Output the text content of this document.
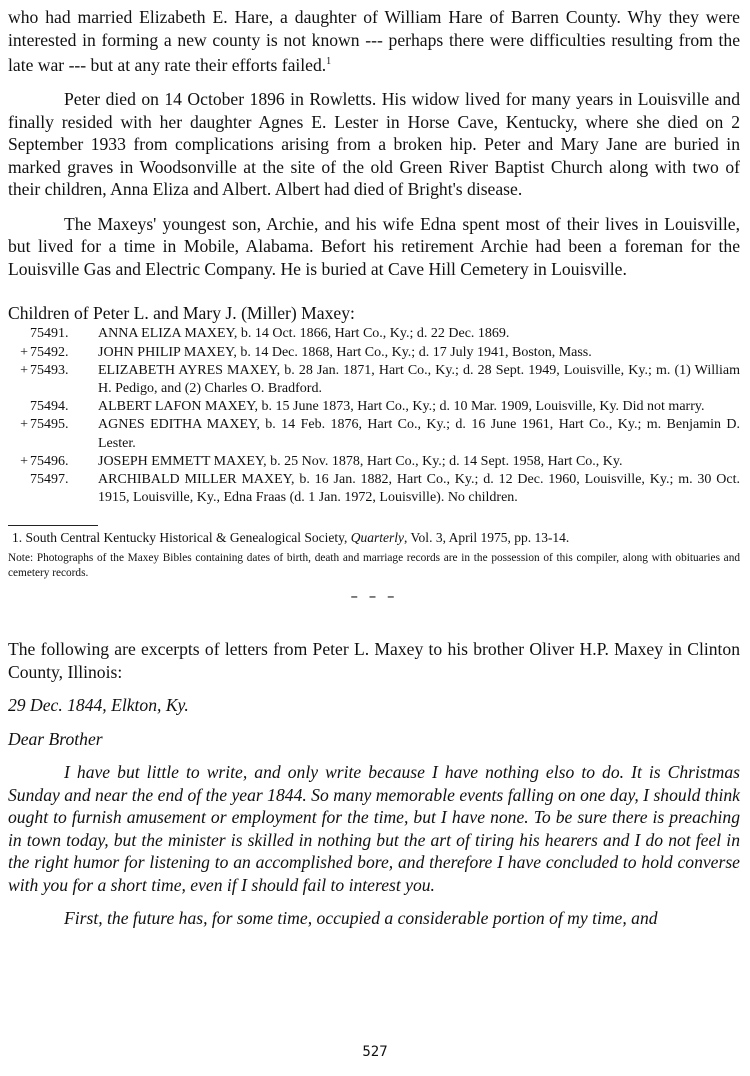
who had married Elizabeth E. Hare, a daughter of William Hare of Barren County. Why they were interested in forming a new county is not known --- perhaps there were difficulties resulting from the late war --- but at any rate their efforts failed.$^1$

Peter died on 14 October 1896 in Rowletts. His widow lived for many years in Louisville and finally resided with her daughter Agnes E. Lester in Horse Cave, Kentucky, where she died on 2 September 1933 from complications arising from a broken hip. Peter and Mary Jane are buried in marked graves in Woodsonville at the site of the old Green River Baptist Church along with two of their children, Anna Eliza and Albert. Albert had died of Bright's disease.

The Maxeys' youngest son, Archie, and his wife Edna spent most of their lives in Louisville, but lived for a time in Mobile, Alabama. Befort his retirement Archie had been a foreman for the Louisville Gas and Electric Company. He is buried at Cave Hill Cemetery in Louisville.

Children of Peter L. and Mary J. (Miller) Maxey:

75491.	ANNA ELIZA MAXEY, b. 14 Oct. 1866, Hart Co., Ky.; d. 22 Dec. 1869.
+ 75492.	JOHN PHILIP MAXEY, b. 14 Dec. 1868, Hart Co., Ky.; d. 17 July 1941, Boston, Mass.
+ 75493.	ELIZABETH AYRES MAXEY, b. 28 Jan. 1871, Hart Co., Ky.; d. 28 Sept. 1949, Louisville, Ky.; m. (1) William H. Pedigo, and (2) Charles O. Bradford.
75494.	ALBERT LAFON MAXEY, b. 15 June 1873, Hart Co., Ky.; d. 10 Mar. 1909, Louisville, Ky. Did not marry.
+ 75495.	AGNES EDITHA MAXEY, b. 14 Feb. 1876, Hart Co., Ky.; d. 16 June 1961, Hart Co., Ky.; m. Benjamin D. Lester.
+ 75496.	JOSEPH EMMETT MAXEY, b. 25 Nov. 1878, Hart Co., Ky.; d. 14 Sept. 1958, Hart Co., Ky.
75497.	ARCHIBALD MILLER MAXEY, b. 16 Jan. 1882, Hart Co., Ky.; d. 12 Dec. 1960, Louisville, Ky.; m. 30 Oct. 1915, Louisville, Ky., Edna Fraas (d. 1 Jan. 1972, Louisville). No children.

1. South Central Kentucky Historical & Genealogical Society, Quarterly, Vol. 3, April 1975, pp. 13-14.

Note: Photographs of the Maxey Bibles containing dates of birth, death and marriage records are in the possession of this compiler, along with obituaries and cemetery records.

– – –

The following are excerpts of letters from Peter L. Maxey to his brother Oliver H.P. Maxey in Clinton County, Illinois:

29 Dec. 1844, Elkton, Ky.

Dear Brother

I have but little to write, and only write because I have nothing elso to do. It is Christmas Sunday and near the end of the year 1844. So many memorable events falling on one day, I should think ought to furnish amusement or employment for the time, but I have none. To be sure there is preaching in town today, but the minister is skilled in nothing but the art of tiring his hearers and I do not feel in the right humor for listening to an accomplished bore, and therefore I have concluded to hold converse with you for a short time, even if I should fail to interest you.

First, the future has, for some time, occupied a considerable portion of my time, and

527
